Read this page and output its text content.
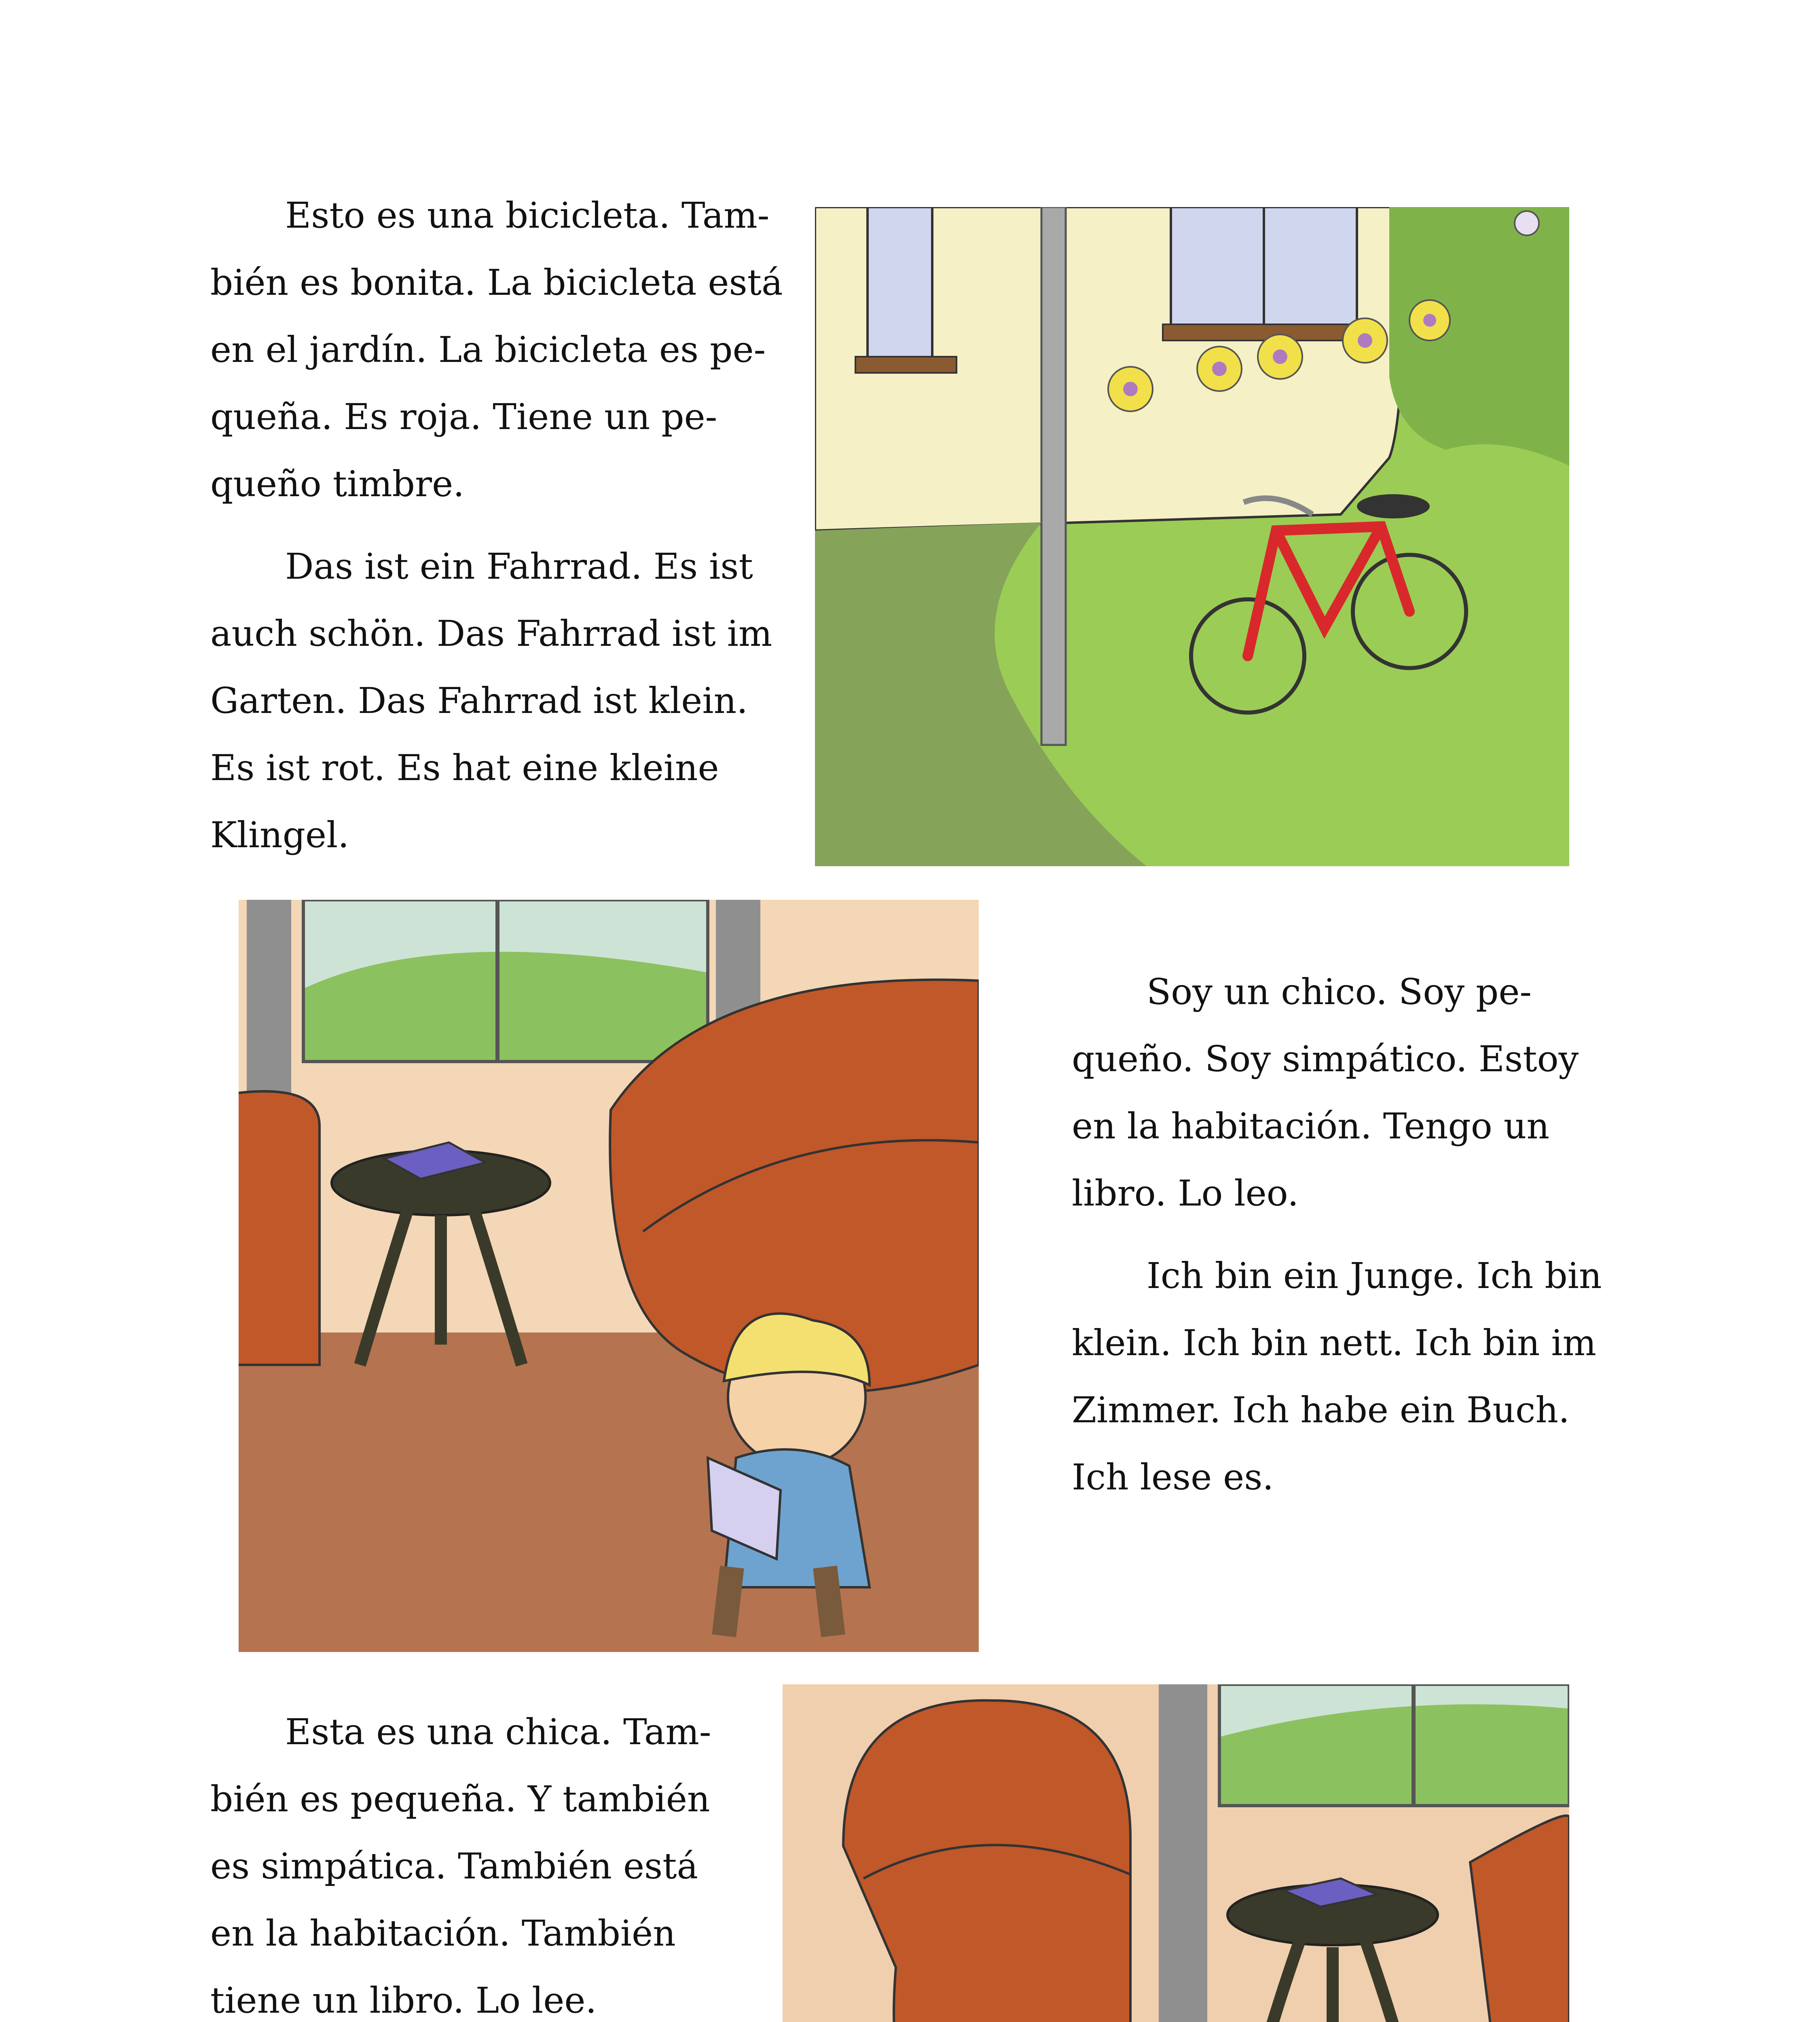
Esto es una bicicleta. Tam-
bién es bonita. La bicicleta está
en el jardín. La bicicleta es pe-
queña. Es roja. Tiene un pe-
queño timbre.
Das ist ein Fahrrad. Es ist
auch schön. Das Fahrrad ist im
Garten. Das Fahrrad ist klein.
Es ist rot. Es hat eine kleine
Klingel.
Soy un chico. Soy pe-
queño. Soy simpático. Estoy
en la habitación. Tengo un
libro. Lo leo.
Ich bin ein Junge. Ich bin
klein. Ich bin nett. Ich bin im
Zimmer. Ich habe ein Buch.
Ich lese es.
Esta es una chica. Tam-
bién es pequeña. Y también
es simpática. También está
en la habitación. También
tiene un libro. Lo lee.
